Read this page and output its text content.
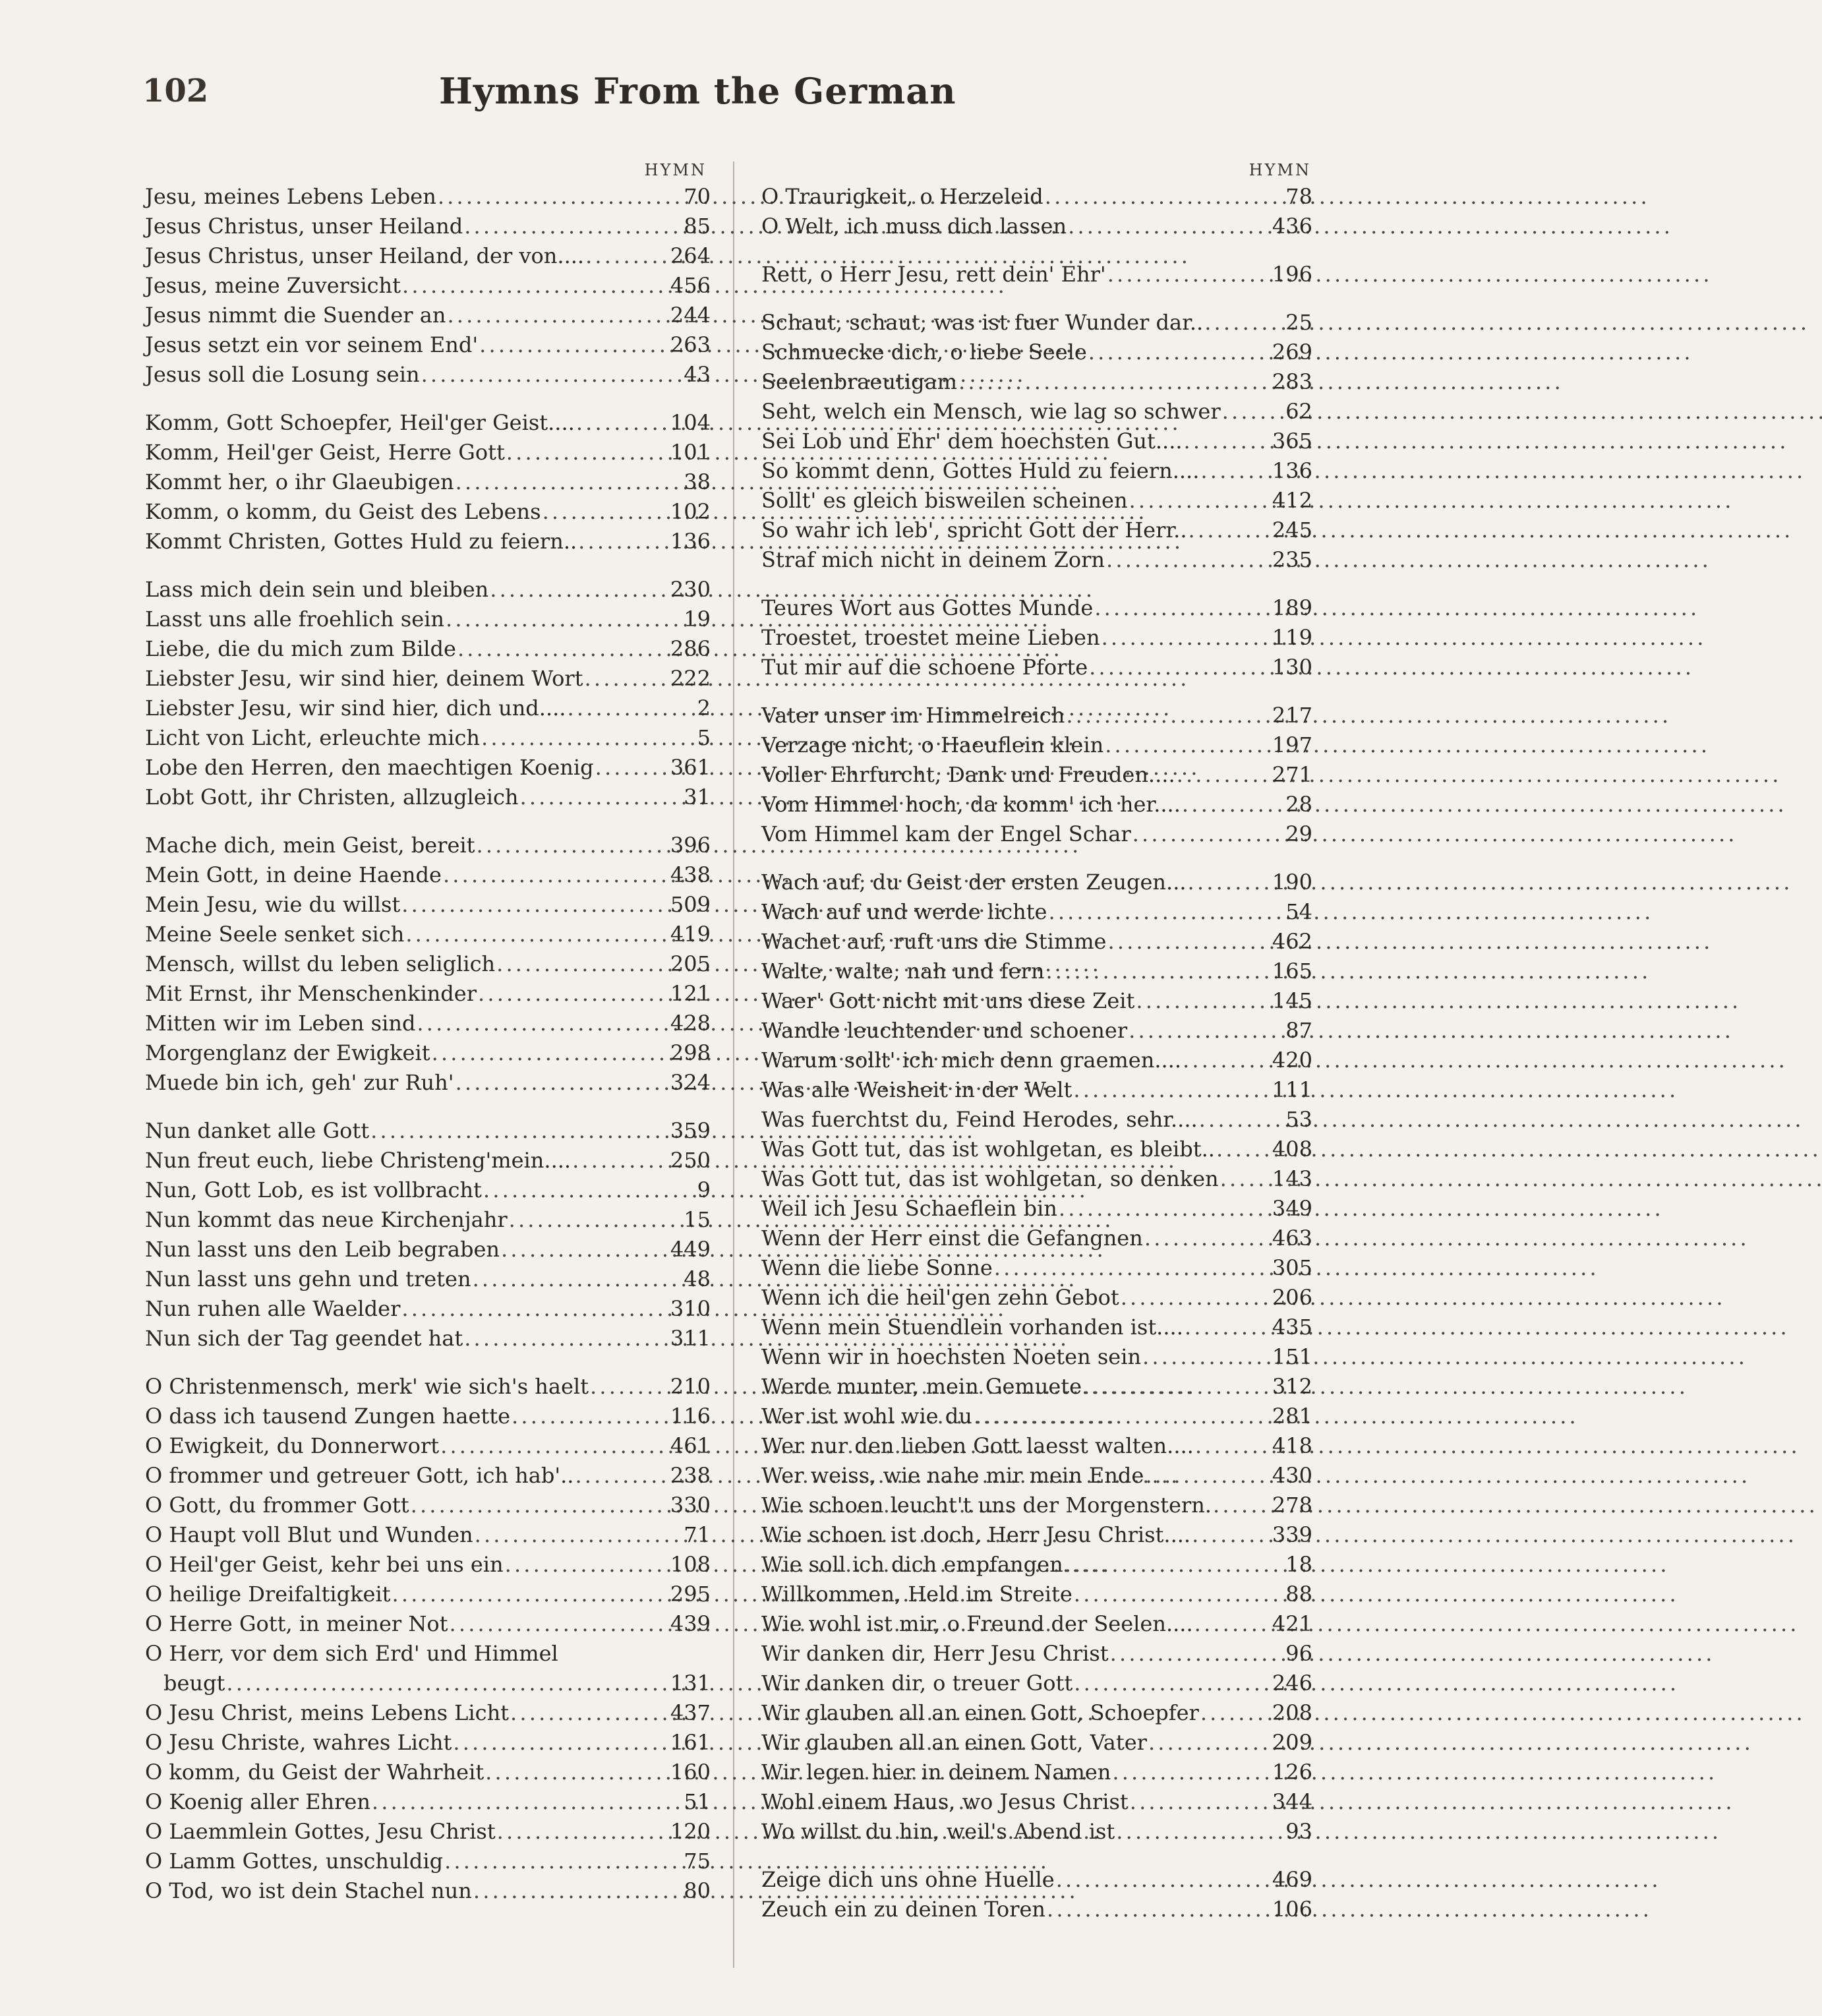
102	Hymns From the German
HYMN
Jesu, meines Lebens Leben . . .	70
Jesus Christus, unser Heiland . . .	85
Jesus Christus, unser Heiland, der von.... . . .	264
Jesus, meine Zuversicht . . .	456
Jesus nimmt die Suender an . . .	244
Jesus setzt ein vor seinem End' . . .	263
Jesus soll die Losung sein . . .	43
Komm, Gott Schoepfer, Heil'ger Geist.... . . .	104
Komm, Heil'ger Geist, Herre Gott . . .	101
Kommt her, o ihr Glaeubigen . . .	38
Komm, o komm, du Geist des Lebens . . .	102
Kommt Christen, Gottes Huld zu feiern.. . . .	136
Lass mich dein sein und bleiben . . .	230
Lasst uns alle froehlich sein . . .	19
Liebe, die du mich zum Bilde . . .	286
Liebster Jesu, wir sind hier, deinem Wort . . .	222
Liebster Jesu, wir sind hier, dich und.... . . .	2
Licht von Licht, erleuchte mich . . .	5
Lobe den Herren, den maechtigen Koenig . . .	361
Lobt Gott, ihr Christen, allzugleich . . .	31
Mache dich, mein Geist, bereit . . .	396
Mein Gott, in deine Haende . . .	438
Mein Jesu, wie du willst . . .	509
Meine Seele senket sich . . .	419
Mensch, willst du leben seliglich . . .	205
Mit Ernst, ihr Menschenkinder . . .	121
Mitten wir im Leben sind . . .	428
Morgenglanz der Ewigkeit . . .	298
Muede bin ich, geh' zur Ruh' . . .	324
Nun danket alle Gott . . .	359
Nun freut euch, liebe Christeng'mein.... . . .	250
Nun, Gott Lob, es ist vollbracht . . .	9
Nun kommt das neue Kirchenjahr . . .	15
Nun lasst uns den Leib begraben . . .	449
Nun lasst uns gehn und treten . . .	48
Nun ruhen alle Waelder . . .	310
Nun sich der Tag geendet hat . . .	311
O Christenmensch, merk' wie sich's haelt . . .	210
O dass ich tausend Zungen haette . . .	116
O Ewigkeit, du Donnerwort . . .	461
O frommer und getreuer Gott, ich hab'.. . . .	238
O Gott, du frommer Gott . . .	330
O Haupt voll Blut und Wunden . . .	71
O Heil'ger Geist, kehr bei uns ein . . .	108
O heilige Dreifaltigkeit . . .	295
O Herre Gott, in meiner Not . . .	439
O Herr, vor dem sich Erd' und Himmel
beugt . . .	131
O Jesu Christ, meins Lebens Licht . . .	437
O Jesu Christe, wahres Licht . . .	161
O komm, du Geist der Wahrheit . . .	160
O Koenig aller Ehren . . .	51
O Laemmlein Gottes, Jesu Christ . . .	120
O Lamm Gottes, unschuldig . . .	75
O Tod, wo ist dein Stachel nun . . .	80
HYMN
O Traurigkeit, o Herzeleid . . .	78
O Welt, ich muss dich lassen . . .	436
Rett, o Herr Jesu, rett dein' Ehr' . . .	196
Schaut, schaut, was ist fuer Wunder dar.. . . .	25
Schmuecke dich, o liebe Seele . . .	269
Seelenbraeutigam . . .	283
Seht, welch ein Mensch, wie lag so schwer . . .	62
Sei Lob und Ehr' dem hoechsten Gut.... . . .	365
So kommt denn, Gottes Huld zu feiern.... . . .	136
Sollt' es gleich bisweilen scheinen . . .	412
So wahr ich leb', spricht Gott der Herr.. . . .	245
Straf mich nicht in deinem Zorn . . .	235
Teures Wort aus Gottes Munde . . .	189
Troestet, troestet meine Lieben . . .	119
Tut mir auf die schoene Pforte . . .	130
Vater unser im Himmelreich . . .	217
Verzage nicht, o Haeuflein klein . . .	197
Voller Ehrfurcht, Dank und Freuden.... . . .	271
Vom Himmel hoch, da komm' ich her.... . . .	28
Vom Himmel kam der Engel Schar . . .	29
Wach auf, du Geist der ersten Zeugen... . . .	190
Wach auf und werde lichte . . .	54
Wachet auf, ruft uns die Stimme . . .	462
Walte, walte, nah und fern . . .	165
Waer' Gott nicht mit uns diese Zeit . . .	145
Wandle leuchtender und schoener . . .	87
Warum sollt' ich mich denn graemen.... . . .	420
Was alle Weisheit in der Welt . . .	111
Was fuerchtst du, Feind Herodes, sehr.... . . .	53
Was Gott tut, das ist wohlgetan, es bleibt.. . . .	408
Was Gott tut, das ist wohlgetan, so denken . . .	143
Weil ich Jesu Schaeflein bin . . .	349
Wenn der Herr einst die Gefangnen . . .	463
Wenn die liebe Sonne . . .	305
Wenn ich die heil'gen zehn Gebot . . .	206
Wenn mein Stuendlein vorhanden ist.... . . .	435
Wenn wir in hoechsten Noeten sein . . .	151
Werde munter, mein Gemuete . . .	312
Wer ist wohl wie du . . .	281
Wer nur den lieben Gott laesst walten.... . . .	418
Wer weiss, wie nahe mir mein Ende . . .	430
Wie schoen leucht't uns der Morgenstern. . . .	278
Wie schoen ist doch, Herr Jesu Christ.... . . .	339
Wie soll ich dich empfangen . . .	18
Willkommen, Held im Streite . . .	88
Wie wohl ist mir, o Freund der Seelen.... . . .	421
Wir danken dir, Herr Jesu Christ . . .	96
Wir danken dir, o treuer Gott . . .	246
Wir glauben all an einen Gott, Schoepfer . . .	208
Wir glauben all an einen Gott, Vater . . .	209
Wir legen hier in deinem Namen . . .	126
Wohl einem Haus, wo Jesus Christ . . .	344
Wo willst du hin, weil's Abend ist . . .	93
Zeige dich uns ohne Huelle . . .	469
Zeuch ein zu deinen Toren . . .	106
